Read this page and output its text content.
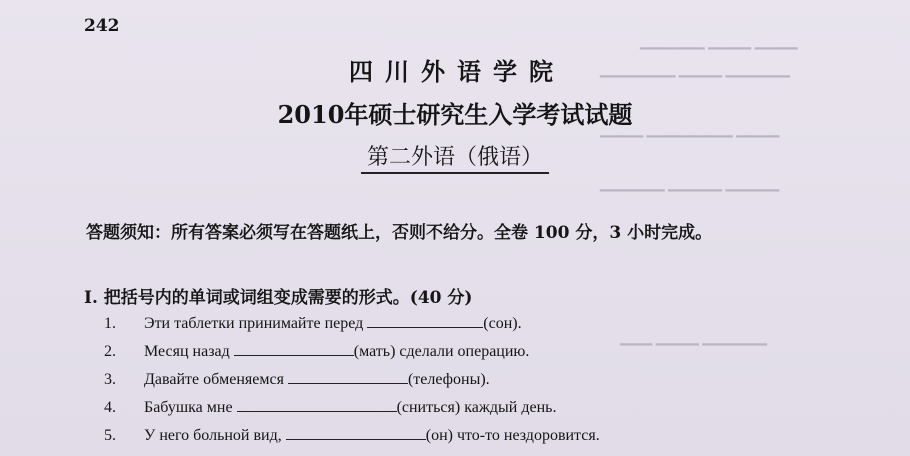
▁▁▁▁ ▁▁▁▁ ▁▁▁▁▁▁
▁▁▁▁▁▁ ▁▁▁▁ ▁▁▁▁▁▁▁
▁▁▁▁ ▁▁▁▁▁▁▁▁ ▁▁▁▁
▁▁▁▁▁ ▁▁▁▁▁ ▁▁▁▁▁▁
▁▁▁▁▁▁ ▁▁▁▁ ▁▁▁
242
四川外语学院
2010年硕士研究生入学考试试题
第二外语（俄语）
答题须知：所有答案必须写在答题纸上，否则不给分。全卷 100 分，3 小时完成。
I. 把括号内的单词或词组变成需要的形式。(40 分)
1. Эти таблетки принимайте перед	(сон).
2. Месяц назад	(мать) сделали операцию.
3. Давайте обменяемся	(телефоны).
4. Бабушка мне	(сниться) каждый день.
5. У него больной вид,	(он) что-то нездоровится.
